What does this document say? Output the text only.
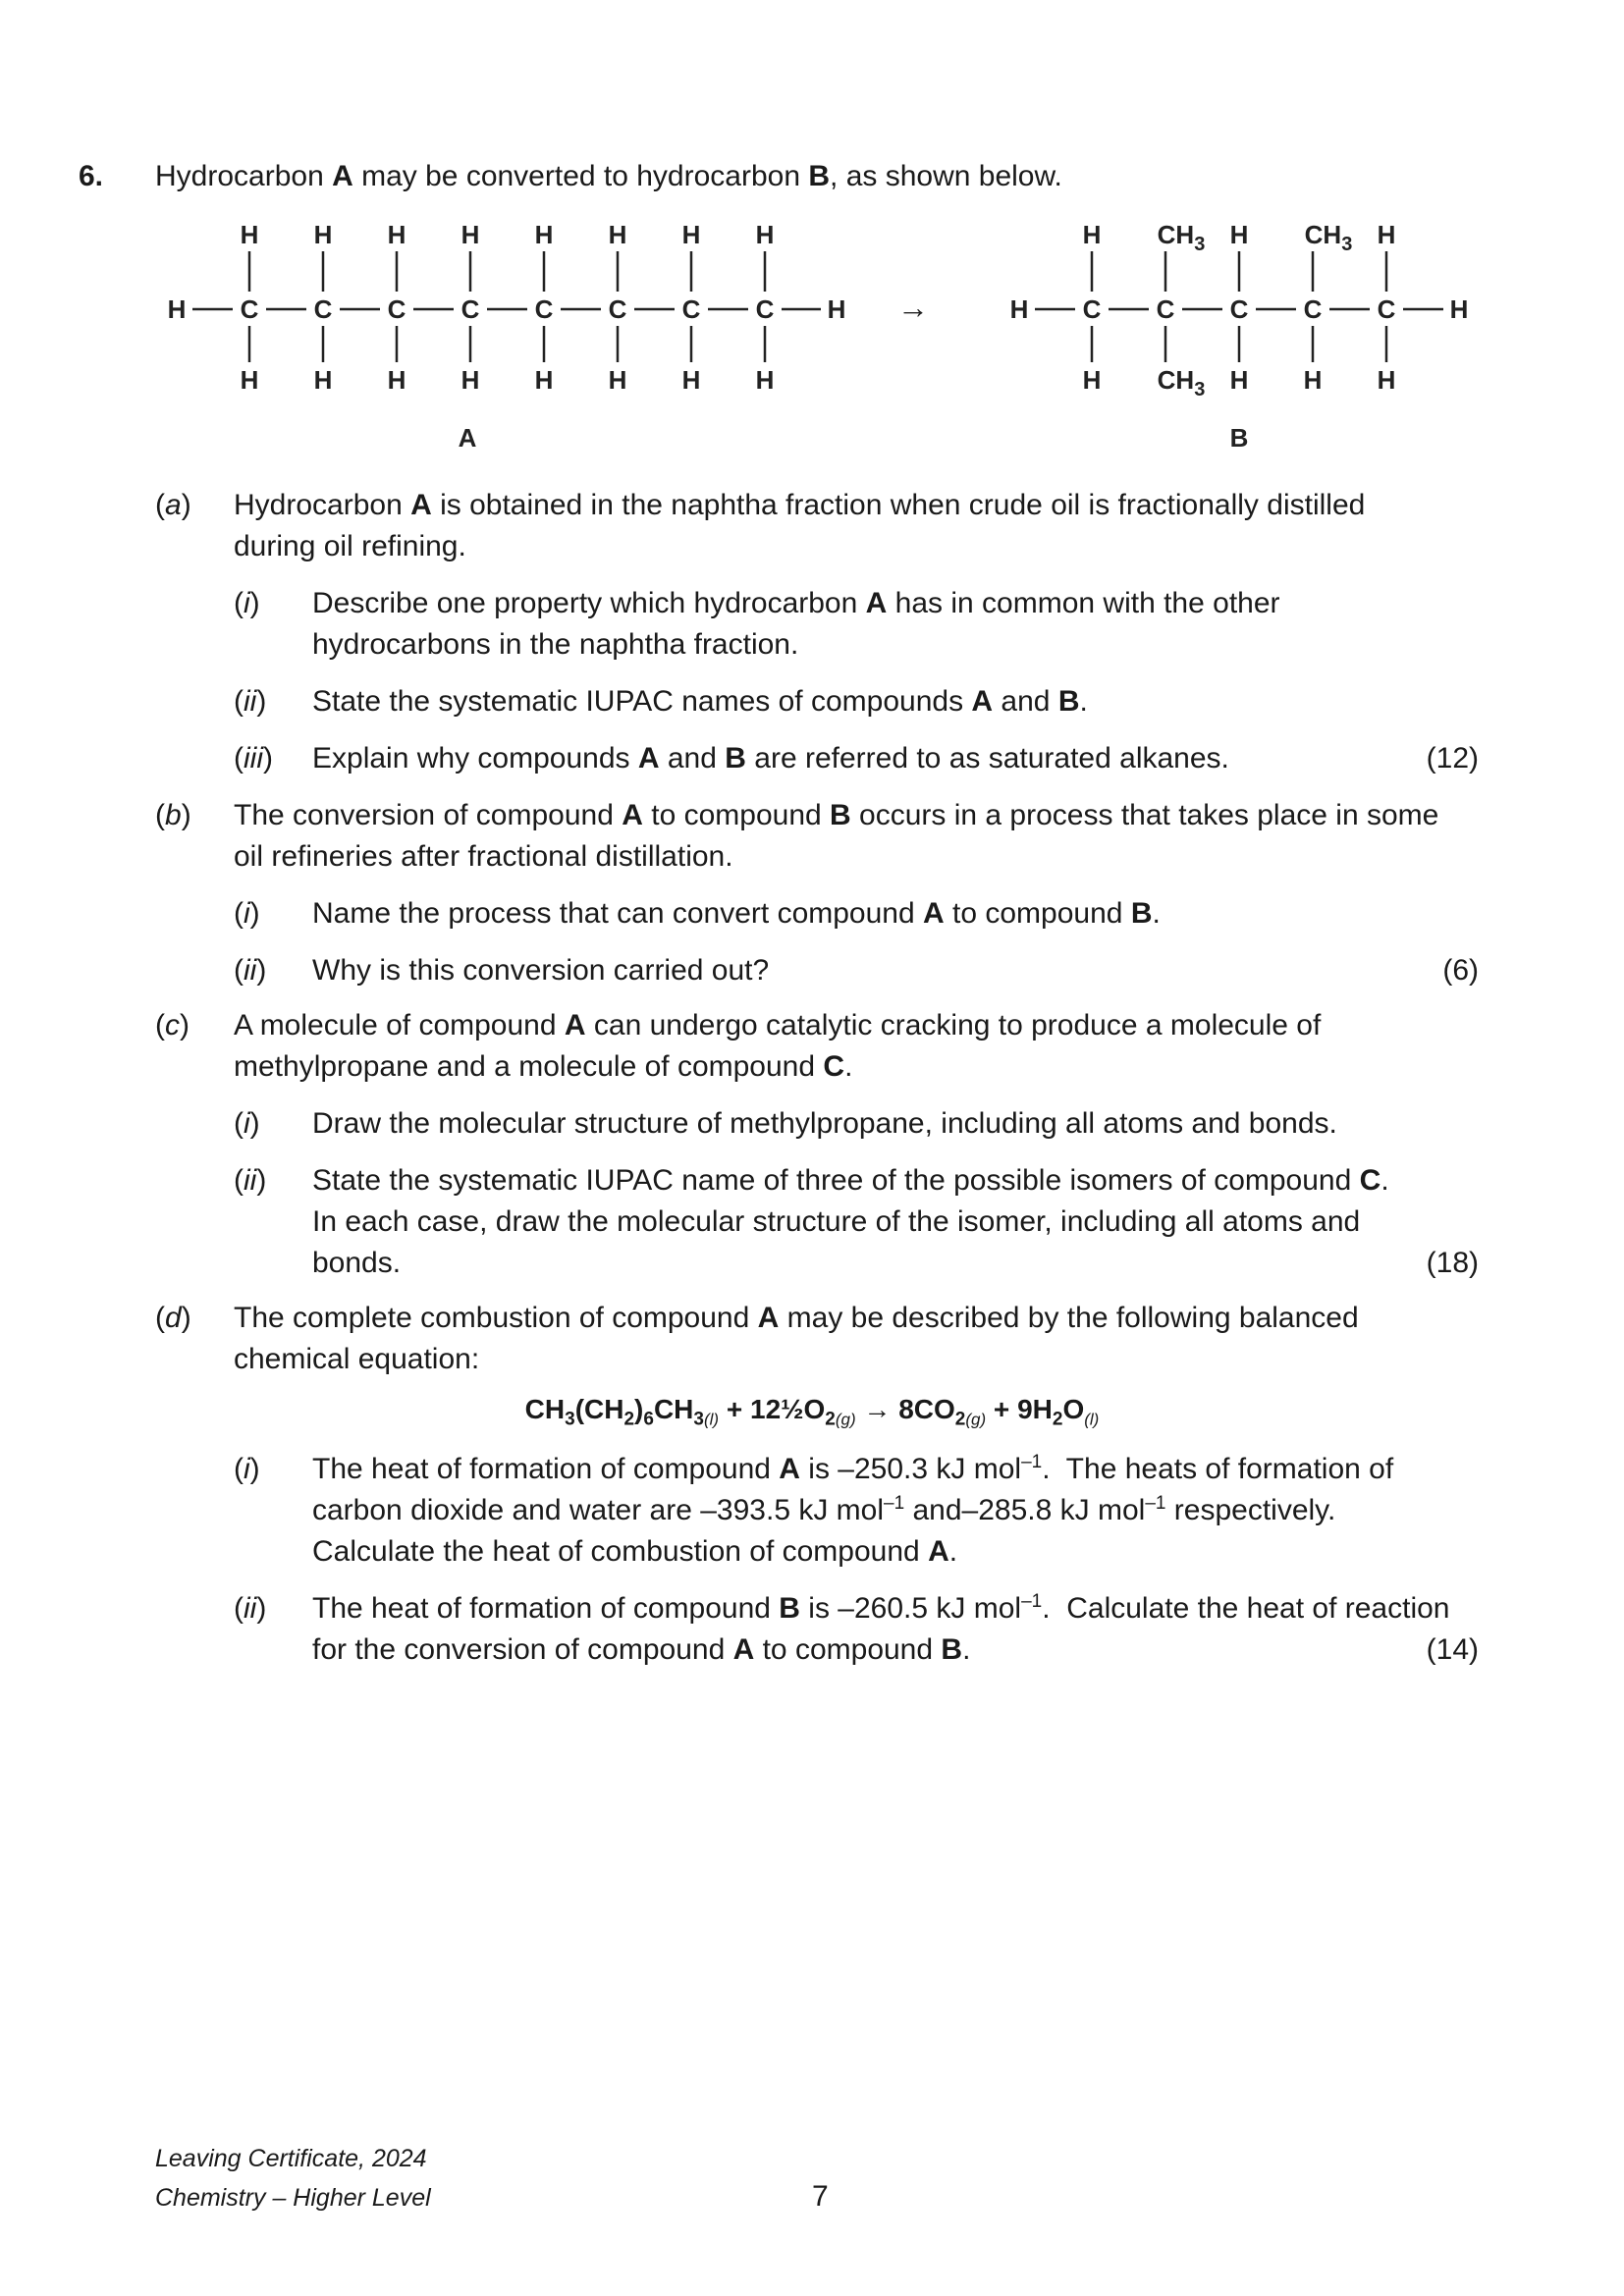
6. Hydrocarbon A may be converted to hydrocarbon B, as shown below.
H
H
C
H
H
C
H
H
C
H
H
C
H
H
C
H
H
C
H
H
C
H
H
C
H
H	H
H
C
H
$CH_3$
C
$CH_3$
H
C
H
$CH_3$
C
H
H
C
H
H
→
A	B
(a) Hydrocarbon A is obtained in the naphtha fraction when crude oil is fractionally distilled
during oil refining.
(i) Describe one property which hydrocarbon A has in common with the other
hydrocarbons in the naphtha fraction.
(ii) State the systematic IUPAC names of compounds A and B.
(iii) Explain why compounds A and B are referred to as saturated alkanes.	(12)
(b) The conversion of compound A to compound B occurs in a process that takes place in some
oil refineries after fractional distillation.
(i) Name the process that can convert compound A to compound B.
(ii) Why is this conversion carried out?	(6)
(c) A molecule of compound A can undergo catalytic cracking to produce a molecule of
methylpropane and a molecule of compound C.
(i) Draw the molecular structure of methylpropane, including all atoms and bonds.
(ii) State the systematic IUPAC name of three of the possible isomers of compound C.
In each case, draw the molecular structure of the isomer, including all atoms and
bonds.	(18)
(d) The complete combustion of compound A may be described by the following balanced
chemical equation:
$CH_3(CH_2)_6CH_{3(l)}$ + $12\frac{1}{2}O_{2(g)} \to 8CO_{2(g)} + 9H_2O_{(l)}$
(i) The heat of formation of compound A is –250.3 kJ mol$^{-1}$.  The heats of formation of
carbon dioxide and water are –393.5 kJ mol$^{-1}$ and–285.8 kJ mol$^{-1}$ respectively.
Calculate the heat of combustion of compound A.
(ii) The heat of formation of compound B is –260.5 kJ mol$^{-1}$.  Calculate the heat of reaction
for the conversion of compound A to compound B.	(14)
Leaving Certificate, 2024
Chemistry – Higher Level	7
